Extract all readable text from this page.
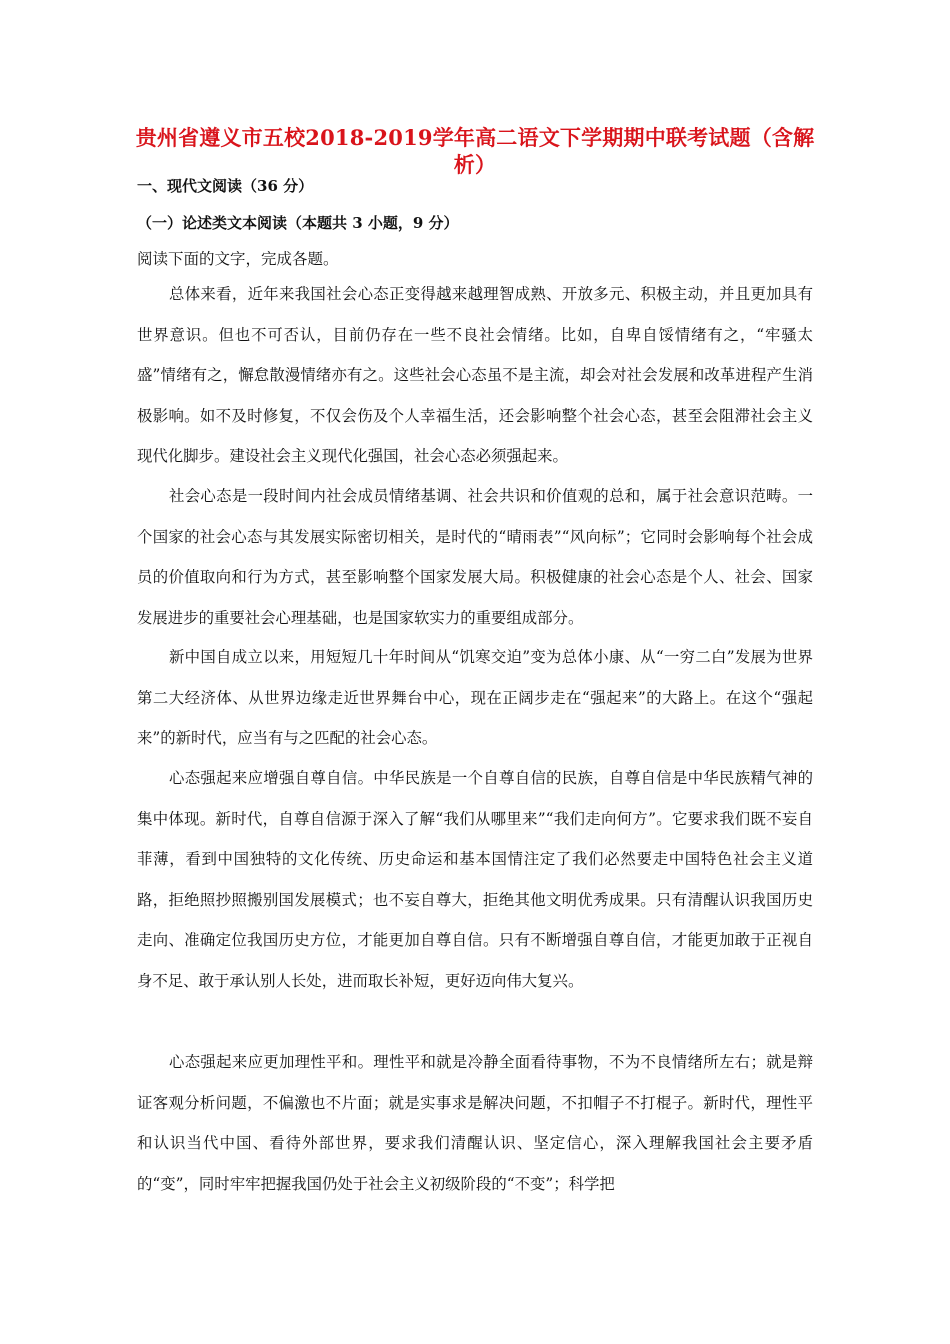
贵州省遵义市五校2018-2019学年高二语文下学期期中联考试题（含解析）
一、现代文阅读（36 分）
（一）论述类文本阅读（本题共 3 小题，9 分）
阅读下面的文字，完成各题。

总体来看，近年来我国社会心态正变得越来越理智成熟、开放多元、积极主动，并且更加具有世界意识。但也不可否认，目前仍存在一些不良社会情绪。比如，自卑自馁情绪有之，“牢骚太盛”情绪有之，懈怠散漫情绪亦有之。这些社会心态虽不是主流，却会对社会发展和改革进程产生消极影响。如不及时修复，不仅会伤及个人幸福生活，还会影响整个社会心态，甚至会阻滞社会主义现代化脚步。建设社会主义现代化强国，社会心态必须强起来。

社会心态是一段时间内社会成员情绪基调、社会共识和价值观的总和，属于社会意识范畴。一个国家的社会心态与其发展实际密切相关，是时代的“晴雨表”“风向标”；它同时会影响每个社会成员的价值取向和行为方式，甚至影响整个国家发展大局。积极健康的社会心态是个人、社会、国家发展进步的重要社会心理基础，也是国家软实力的重要组成部分。

新中国自成立以来，用短短几十年时间从“饥寒交迫”变为总体小康、从“一穷二白”发展为世界第二大经济体、从世界边缘走近世界舞台中心，现在正阔步走在“强起来”的大路上。在这个“强起来”的新时代，应当有与之匹配的社会心态。

心态强起来应增强自尊自信。中华民族是一个自尊自信的民族，自尊自信是中华民族精气神的集中体现。新时代，自尊自信源于深入了解“我们从哪里来”“我们走向何方”。它要求我们既不妄自菲薄，看到中国独特的文化传统、历史命运和基本国情注定了我们必然要走中国特色社会主义道路，拒绝照抄照搬别国发展模式；也不妄自尊大，拒绝其他文明优秀成果。只有清醒认识我国历史走向、准确定位我国历史方位，才能更加自尊自信。只有不断增强自尊自信，才能更加敢于正视自身不足、敢于承认别人长处，进而取长补短，更好迈向伟大复兴。

心态强起来应更加理性平和。理性平和就是冷静全面看待事物，不为不良情绪所左右；就是辩证客观分析问题，不偏激也不片面；就是实事求是解决问题，不扣帽子不打棍子。新时代，理性平和认识当代中国、看待外部世界，要求我们清醒认识、坚定信心，深入理解我国社会主要矛盾的“变”，同时牢牢把握我国仍处于社会主义初级阶段的“不变”；科学把
